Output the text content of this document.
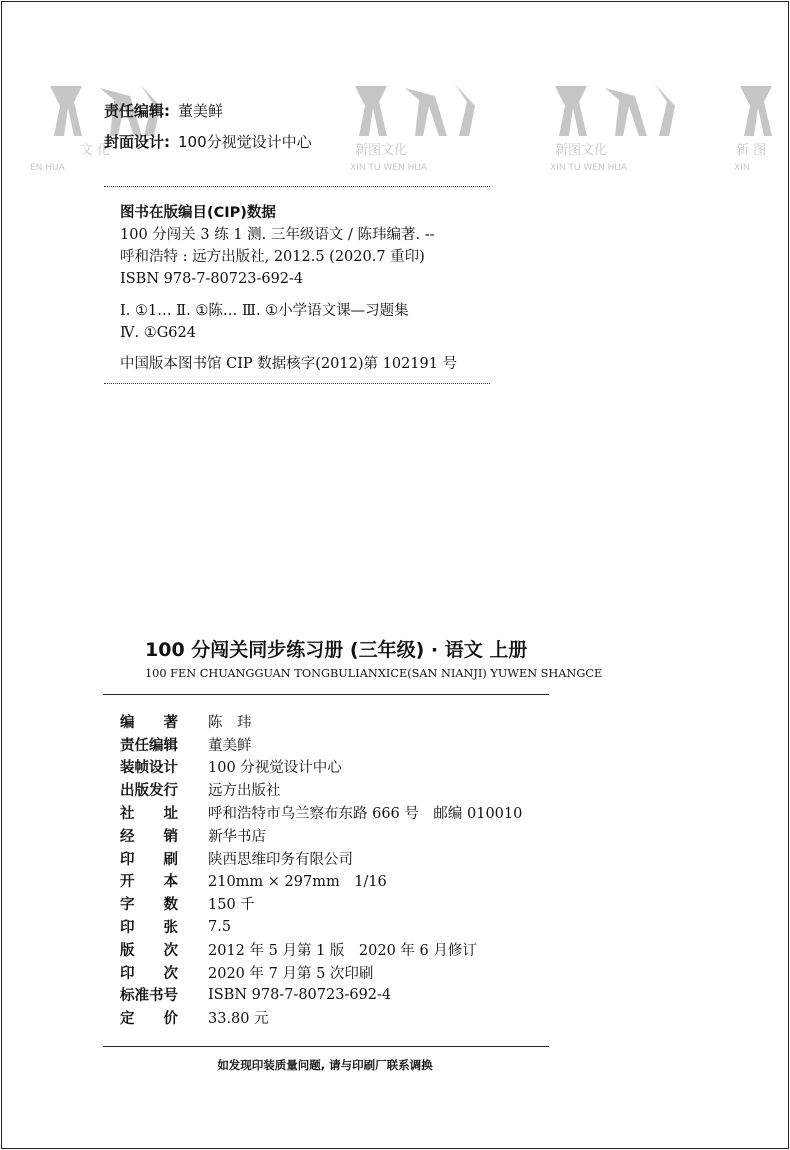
文 化
EN HUA
新图文化
XIN TU WEN HUA
新图文化
XIN TU WEN HUA
新 图
XIN
责任编辑: 董美鲜
封面设计: 100分视觉设计中心
图书在版编目(CIP)数据
100 分闯关 3 练 1 测. 三年级语文 / 陈玮编著. --
呼和浩特 : 远方出版社, 2012.5 (2020.7 重印)
ISBN 978-7-80723-692-4
Ⅰ. ①1… Ⅱ. ①陈… Ⅲ. ①小学语文课—习题集
Ⅳ. ①G624
中国版本图书馆 CIP 数据核字(2012)第 102191 号
100 分闯关同步练习册 (三年级) · 语文 上册
100 FEN CHUANGGUAN TONGBULIANXICE(SAN NIANJI) YUWEN SHANGCE
编　　著	陈　玮
责任编辑	董美鲜
装帧设计	100 分视觉设计中心
出版发行	远方出版社
社　　址	呼和浩特市乌兰察布东路 666 号　邮编 010010
经　　销	新华书店
印　　刷	陕西思维印务有限公司
开　　本	210mm × 297mm　1/16
字　　数	150 千
印　　张	7.5
版　　次	2012 年 5 月第 1 版　2020 年 6 月修订
印　　次	2020 年 7 月第 5 次印刷
标准书号	ISBN 978-7-80723-692-4
定　　价	33.80 元
如发现印装质量问题, 请与印刷厂联系调换
